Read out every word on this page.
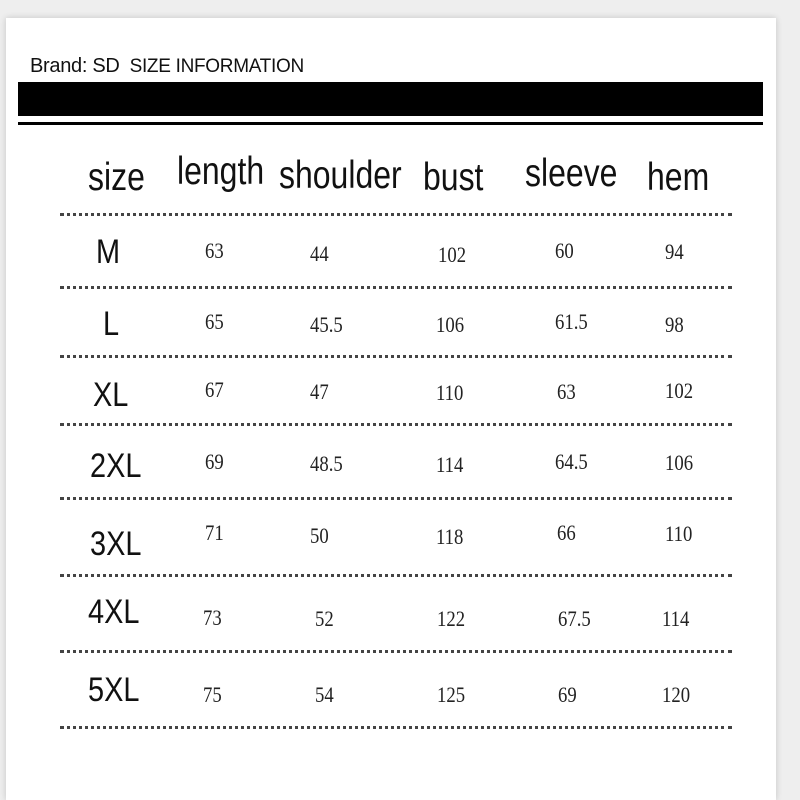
Brand: SD SIZE INFORMATION
size length shoulder bust sleeve hem
M	63	44	102	60	94
L	65	45.5	106	61.5	98
XL	67	47	110	63	102
2XL	69	48.5	114	64.5	106
3XL	71	50	118	66	110
4XL	73	52	122	67.5	114
5XL	75	54	125	69	120
